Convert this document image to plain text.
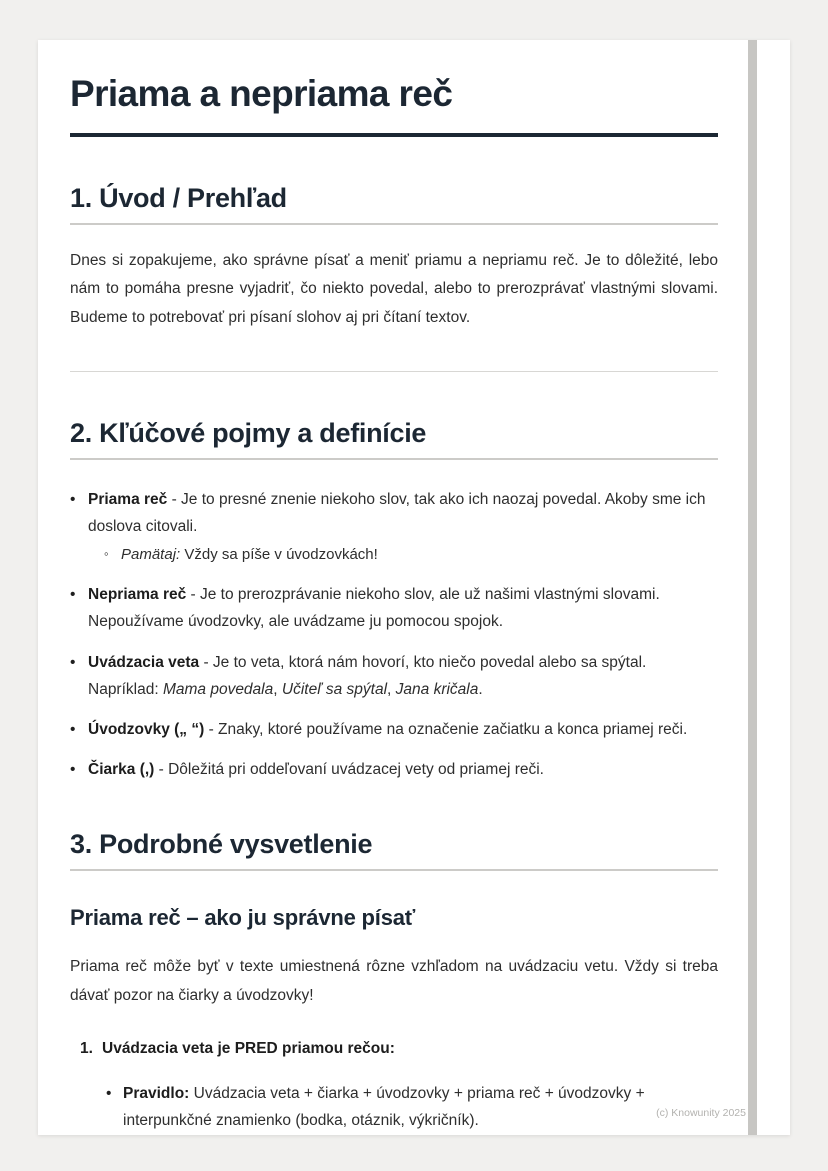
Priama a nepriama reč
1. Úvod / Prehľad

Dnes si zopakujeme, ako správne písať a meniť priamu a nepriamu reč. Je to dôležité, lebo nám to pomáha presne vyjadriť, čo niekto povedal, alebo to prerozprávať vlastnými slovami. Budeme to potrebovať pri písaní slohov aj pri čítaní textov.

2. Kľúčové pojmy a definície
• Priama reč - Je to presné znenie niekoho slov, tak ako ich naozaj povedal. Akoby sme ich doslova citovali.
◦ Pamätaj: Vždy sa píše v úvodzovkách!
• Nepriama reč - Je to prerozprávanie niekoho slov, ale už našimi vlastnými slovami. Nepoužívame úvodzovky, ale uvádzame ju pomocou spojok.
• Uvádzacia veta - Je to veta, ktorá nám hovorí, kto niečo povedal alebo sa spýtal. Napríklad: Mama povedala, Učiteľ sa spýtal, Jana kričala.
• Úvodzovky („ “) - Znaky, ktoré používame na označenie začiatku a konca priamej reči.
• Čiarka (,) - Dôležitá pri oddeľovaní uvádzacej vety od priamej reči.
3. Podrobné vysvetlenie
Priama reč – ako ju správne písať

Priama reč môže byť v texte umiestnená rôzne vzhľadom na uvádzaciu vetu. Vždy si treba dávať pozor na čiarky a úvodzovky!

1. Uvádzacia veta je PRED priamou rečou:
• Pravidlo: Uvádzacia veta + čiarka + úvodzovky + priama reč + úvodzovky + interpunkčné znamienko (bodka, otáznik, výkričník).	(c) Knowunity 2025
